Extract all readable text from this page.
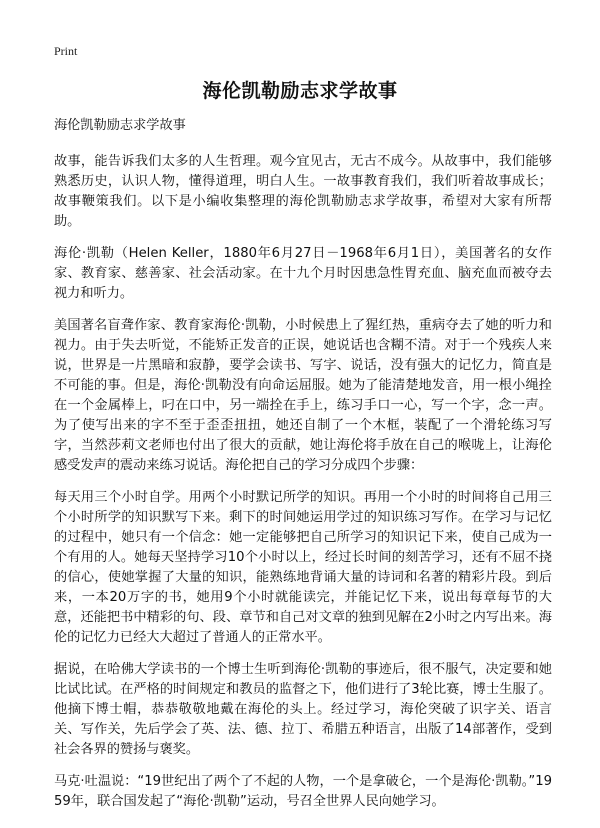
Print
海伦凯勒励志求学故事

海伦凯勒励志求学故事

故事，能告诉我们太多的人生哲理。观今宜见古，无古不成今。从故事中，我们能够熟悉历史，认识人物，懂得道理，明白人生。一故事教育我们，我们听着故事成长；故事鞭策我们。以下是小编收集整理的海伦凯勒励志求学故事，希望对大家有所帮助。

海伦·凯勒（Helen Keller，1880年6月27日－1968年6月1日），美国著名的女作家、教育家、慈善家、社会活动家。在十九个月时因患急性胃充血、脑充血而被夺去视力和听力。

美国著名盲聋作家、教育家海伦·凯勒，小时候患上了猩红热，重病夺去了她的听力和视力。由于失去听觉，不能矫正发音的正误，她说话也含糊不清。对于一个残疾人来说，世界是一片黑暗和寂静，要学会读书、写字、说话，没有强大的记忆力，简直是不可能的事。但是，海伦·凯勒没有向命运屈服。她为了能清楚地发音，用一根小绳拴在一个金属棒上，叼在口中，另一端拴在手上，练习手口一心，写一个字，念一声。为了使写出来的字不至于歪歪扭扭，她还自制了一个木框，装配了一个滑轮练习写字，当然莎莉文老师也付出了很大的贡献，她让海伦将手放在自己的喉咙上，让海伦感受发声的震动来练习说话。海伦把自己的学习分成四个步骤：

每天用三个小时自学。用两个小时默记所学的知识。再用一个小时的时间将自己用三个小时所学的知识默写下来。剩下的时间她运用学过的知识练习写作。在学习与记忆的过程中，她只有一个信念：她一定能够把自己所学习的知识记下来，使自己成为一个有用的人。她每天坚持学习10个小时以上，经过长时间的刻苦学习，还有不屈不挠的信心，使她掌握了大量的知识，能熟练地背诵大量的诗词和名著的精彩片段。到后来，一本20万字的书，她用9个小时就能读完，并能记忆下来，说出每章每节的大意，还能把书中精彩的句、段、章节和自己对文章的独到见解在2小时之内写出来。海伦的记忆力已经大大超过了普通人的正常水平。

据说，在哈佛大学读书的一个博士生听到海伦·凯勒的事迹后，很不服气，决定要和她比试比试。在严格的时间规定和教员的监督之下，他们进行了3轮比赛，博士生服了。他摘下博士帽，恭恭敬敬地戴在海伦的头上。经过学习，海伦突破了识字关、语言关、写作关，先后学会了英、法、德、拉丁、希腊五种语言，出版了14部著作，受到社会各界的赞扬与褒奖。

马克·吐温说：“19世纪出了两个了不起的人物，一个是拿破仑，一个是海伦·凯勒。”1959年，联合国发起了“海伦·凯勒”运动，号召全世界人民向她学习。
